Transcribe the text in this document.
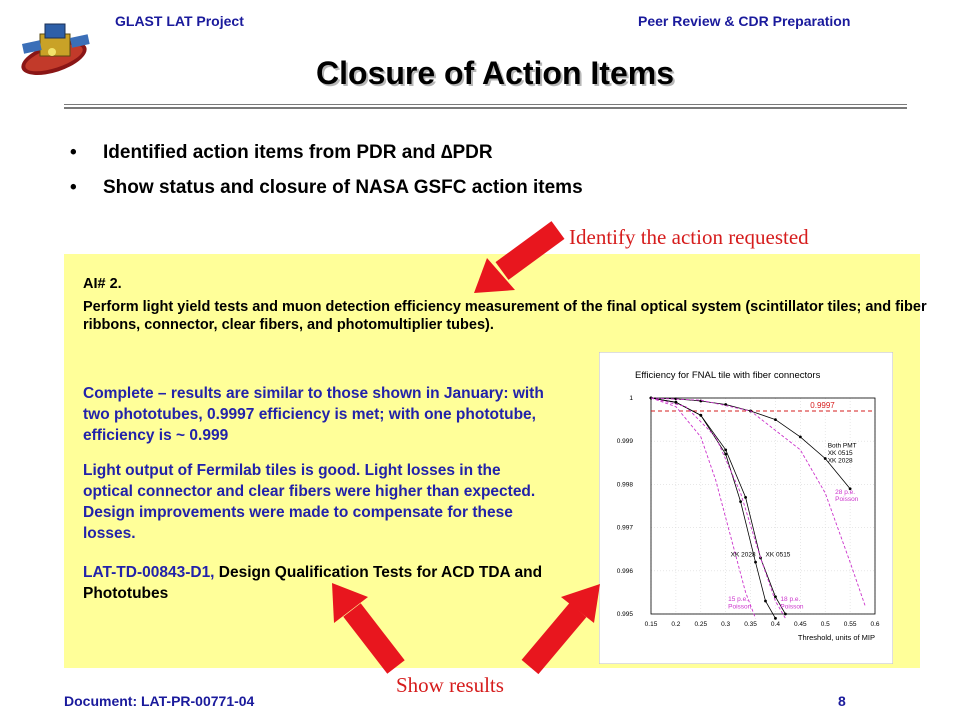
GLAST LAT Project	Peer Review & CDR Preparation
Closure of Action Items
• Identified action items from PDR and ∆PDR
• Show status and closure of NASA GSFC action items
Identify the action requested
AI# 2.
Perform light yield tests and muon detection efficiency measurement of the final optical system (scintillator tiles; and fiber ribbons, connector, clear fibers, and photomultiplier tubes).
Complete – results are similar to those shown in January: with two phototubes, 0.9997 efficiency is met; with one phototube, efficiency is ~ 0.999
Light output of Fermilab tiles is good. Light losses in the optical connector and clear fibers were higher than expected. Design improvements were made to compensate for these losses.
LAT-TD-00843-D1, Design Qualification Tests for ACD TDA and Phototubes
Efficiency for FNAL tile with fiber connectors
0.15 0.2 0.25 0.3 0.35 0.4 0.45 0.5 0.55 0.6
0.995
0.996
0.997
0.998
0.999
1
0.9997
Both PMT
XK 0515
XK 2028
28 p.e.
Poisson
XK 2028 XK 0515
15 p.e.
Poisson
18 p.e.
Poisson
Threshold, units of MIP
Show results
Document: LAT-PR-00771-04	8
